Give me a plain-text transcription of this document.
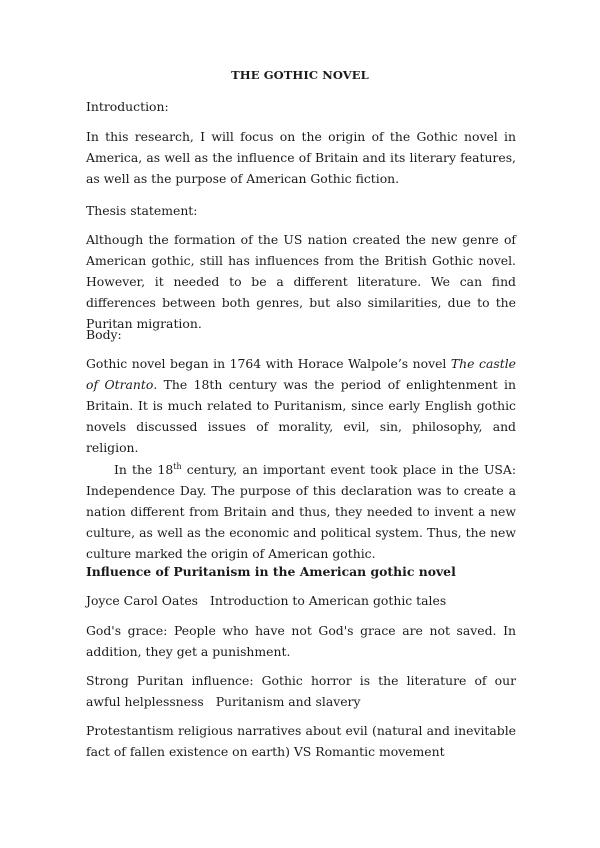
THE GOTHIC NOVEL

Introduction:

In this research, I will focus on the origin of the Gothic novel in America, as well as the influence of Britain and its literary features, as well as the purpose of American Gothic fiction.

Thesis statement:

Although the formation of the US nation created the new genre of American gothic, still has influences from the British Gothic novel. However, it needed to be a different literature. We can find differences between both genres, but also similarities, due to the Puritan migration.

Body:

Gothic novel began in 1764 with Horace Walpole’s novel The castle of Otranto. The 18th century was the period of enlightenment in Britain. It is much related to Puritanism, since early English gothic novels discussed issues of morality, evil, sin, philosophy, and religion.

In the 18th century, an important event took place in the USA: Independence Day. The purpose of this declaration was to create a nation different from Britain and thus, they needed to invent a new culture, as well as the economic and political system. Thus, the new culture marked the origin of American gothic.

Influence of Puritanism in the American gothic novel

Joyce Carol Oates Introduction to American gothic tales

God's grace: People who have not God's grace are not saved. In addition, they get a punishment.

Strong Puritan influence: Gothic horror is the literature of our awful helplessness Puritanism and slavery

Protestantism religious narratives about evil (natural and inevitable fact of fallen existence on earth) VS Romantic movement
